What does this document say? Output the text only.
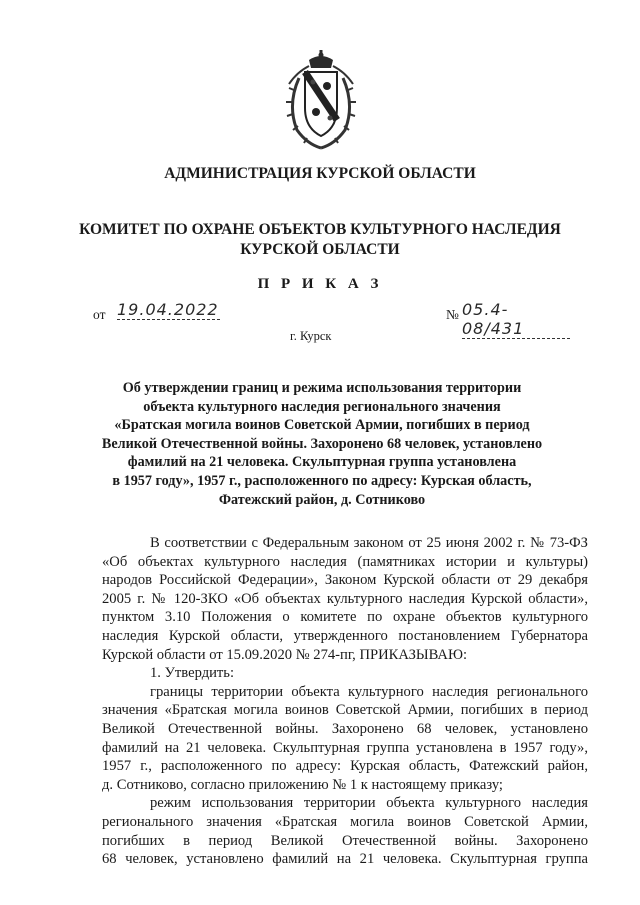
АДМИНИСТРАЦИЯ КУРСКОЙ ОБЛАСТИ
КОМИТЕТ ПО ОХРАНЕ ОБЪЕКТОВ КУЛЬТУРНОГО НАСЛЕДИЯ
КУРСКОЙ ОБЛАСТИ
П Р И К А З
от 19.04.2022	№ 05.4-08/431
г. Курск
Об утверждении границ и режима использования территории
объекта культурного наследия регионального значения
«Братская могила воинов Советской Армии, погибших в период
Великой Отечественной войны. Захоронено 68 человек, установлено
фамилий на 21 человека. Скульптурная группа установлена
в 1957 году», 1957 г., расположенного по адресу: Курская область,
Фатежский район, д. Сотниково
В соответствии с Федеральным законом от 25 июня 2002 г. № 73-ФЗ
«Об объектах культурного наследия (памятниках истории и культуры)
народов Российской Федерации», Законом Курской области от 29 декабря
2005 г. № 120-ЗКО «Об объектах культурного наследия Курской области»,
пунктом 3.10 Положения о комитете по охране объектов культурного
наследия Курской области, утвержденного постановлением Губернатора
Курской области от 15.09.2020 № 274-пг, ПРИКАЗЫВАЮ:
1. Утвердить:
границы территории объекта культурного наследия регионального
значения «Братская могила воинов Советской Армии, погибших в период
Великой Отечественной войны. Захоронено 68 человек, установлено
фамилий на 21 человека. Скульптурная группа установлена в 1957 году»,
1957 г., расположенного по адресу: Курская область, Фатежский район,
д. Сотниково, согласно приложению № 1 к настоящему приказу;
режим использования территории объекта культурного наследия
регионального значения «Братская могила воинов Советской Армии,
погибших в период Великой Отечественной войны. Захоронено
68 человек, установлено фамилий на 21 человека. Скульптурная группа
